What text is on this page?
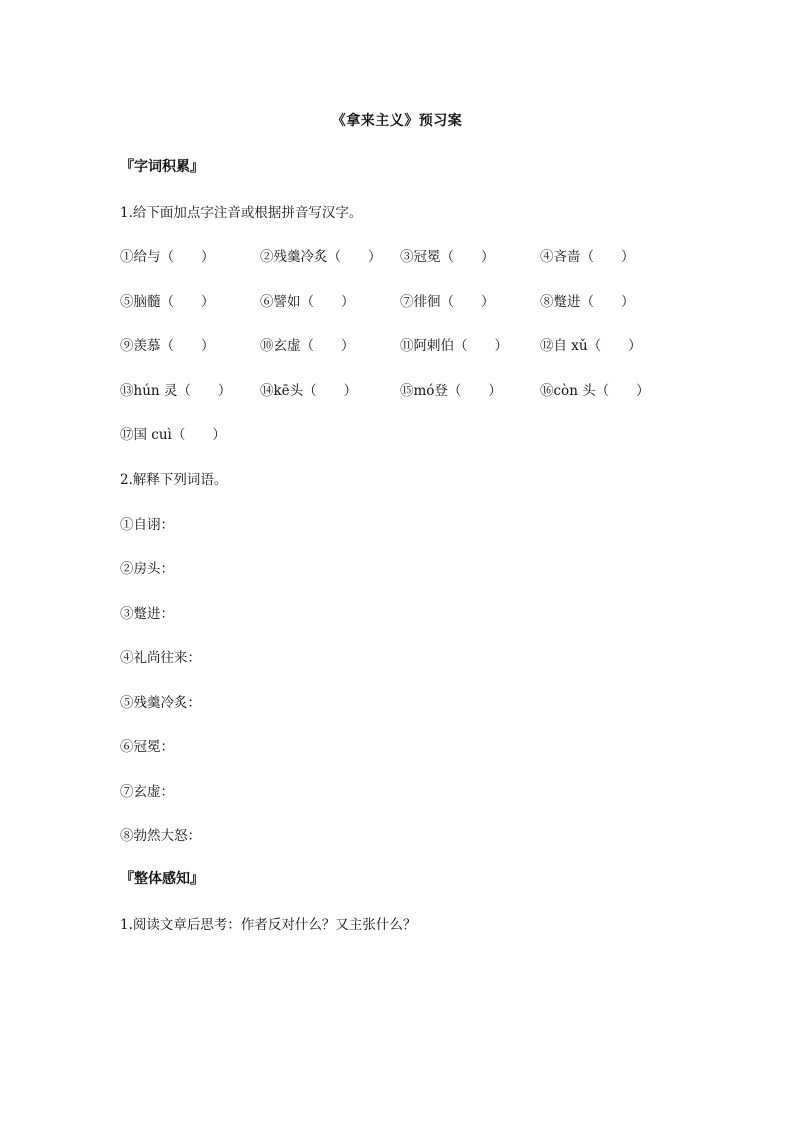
《拿来主义》预习案
『字词积累』
1.给下面加点字注音或根据拼音写汉字。
①给与（　　）	②残羹冷炙（　　） ③冠冕（　　）	④吝啬（　　）
⑤脑髓（　　）	⑥譬如（　　）	⑦徘徊（　　）	⑧蹩进（　　）
⑨羡慕（　　）	⑩玄虚（　　）	⑪阿剌伯（　　） ⑫自 xǔ（　　）
⑬hún 灵（　　） ⑭kē头（　　）	⑮mó登（　　）	⑯còn 头（　　）
⑰国 cuì（　　）
2.解释下列词语。
①自诩：
②房头：
③蹩进：
④礼尚往来：
⑤残羹冷炙：
⑥冠冕：
⑦玄虚：
⑧勃然大怒：
『整体感知』
1.阅读文章后思考：作者反对什么？又主张什么？
